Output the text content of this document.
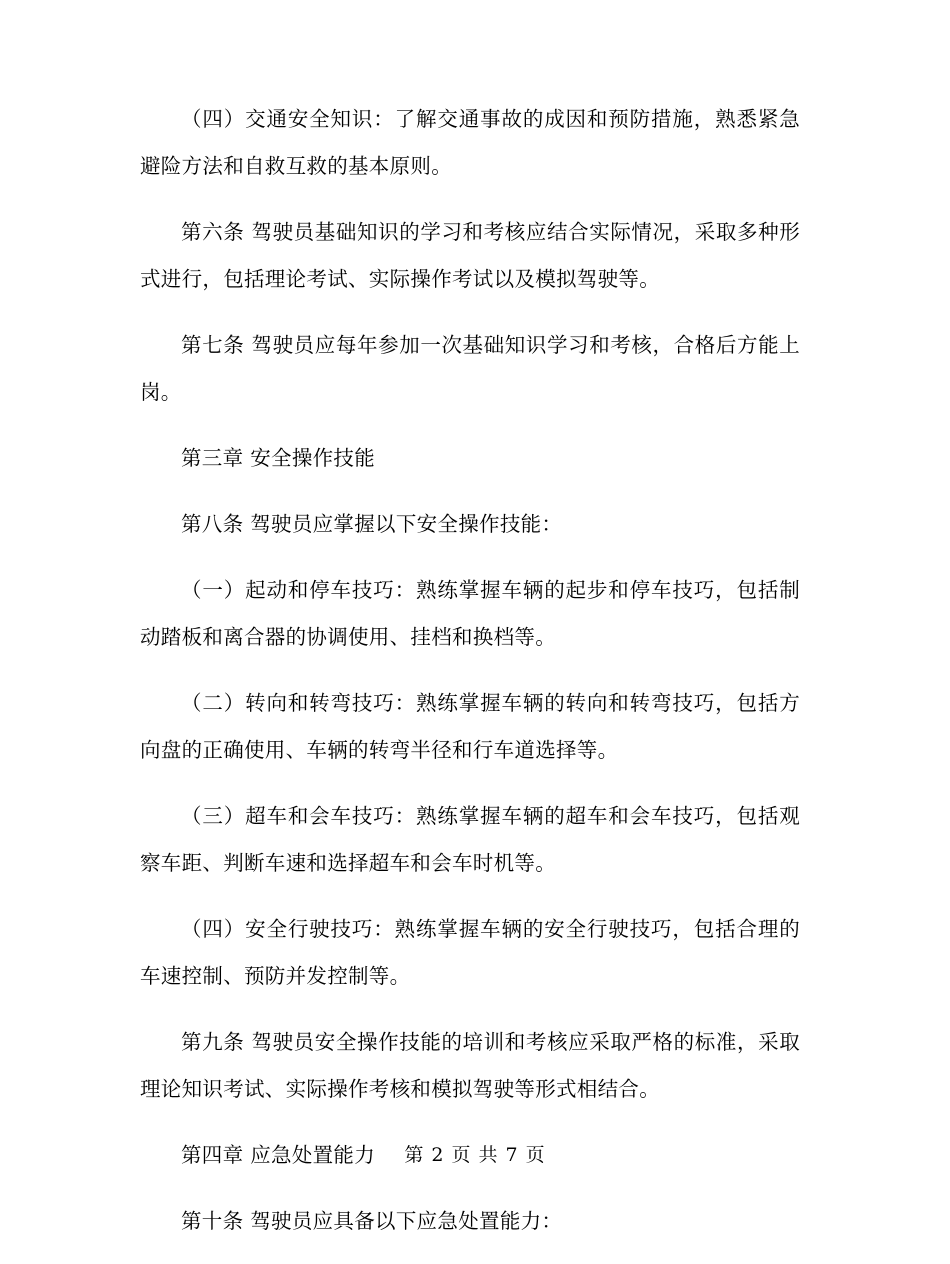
（四）交通安全知识：了解交通事故的成因和预防措施，熟悉紧急避险方法和自救互救的基本原则。

第六条 驾驶员基础知识的学习和考核应结合实际情况，采取多种形式进行，包括理论考试、实际操作考试以及模拟驾驶等。

第七条 驾驶员应每年参加一次基础知识学习和考核，合格后方能上岗。

第三章 安全操作技能

第八条 驾驶员应掌握以下安全操作技能：

（一）起动和停车技巧：熟练掌握车辆的起步和停车技巧，包括制动踏板和离合器的协调使用、挂档和换档等。

（二）转向和转弯技巧：熟练掌握车辆的转向和转弯技巧，包括方向盘的正确使用、车辆的转弯半径和行车道选择等。

（三）超车和会车技巧：熟练掌握车辆的超车和会车技巧，包括观察车距、判断车速和选择超车和会车时机等。

（四）安全行驶技巧：熟练掌握车辆的安全行驶技巧，包括合理的车速控制、预防并发控制等。

第九条 驾驶员安全操作技能的培训和考核应采取严格的标准，采取理论知识考试、实际操作考核和模拟驾驶等形式相结合。

第四章 应急处置能力

第十条 驾驶员应具备以下应急处置能力：

第 2 页 共 7 页
